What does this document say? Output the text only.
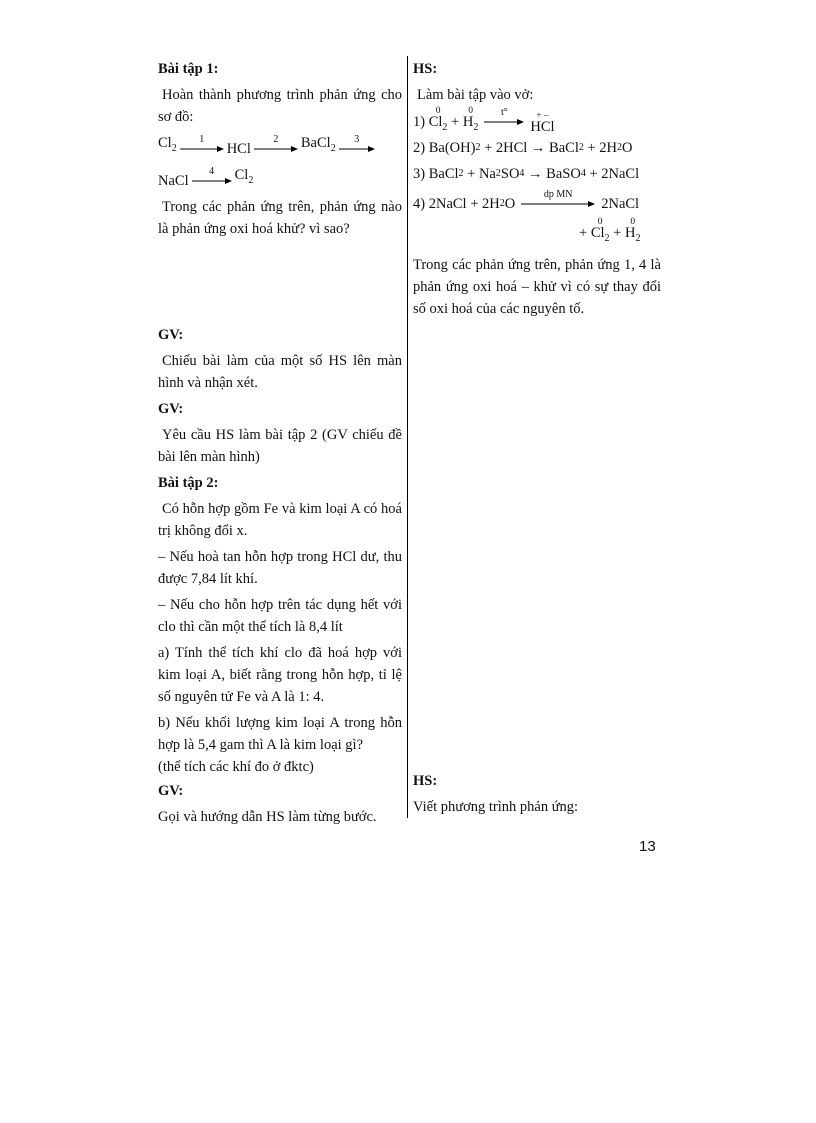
Bài tập 1:

Hoàn thành phương trình phản ứng cho sơ đồ:

$Cl_2$
1
HCl
2	BaCl$_2$
3
NaCl
4	$Cl_2$

Trong các phản ứng trên, phản ứng nào là phản ứng oxi hoá khử? vì sao?

GV:

Chiếu bài làm của một số HS lên màn hình và nhận xét.

GV:

Yêu cầu HS làm bài tập 2 (GV chiếu đề bài lên màn hình)

Bài tập 2:

Có hỗn hợp gồm Fe và kim loại A có hoá trị không đổi x.

– Nếu hoà tan hỗn hợp trong HCl dư, thu được 7,84 lít khí.

– Nếu cho hỗn hợp trên tác dụng hết với clo thì cần một thể tích là 8,4 lít

a) Tính thể tích khí clo đã hoá hợp với kim loại A, biết rằng trong hỗn hợp, tỉ lệ số nguyên tử Fe và A là 1: 4.

b) Nếu khối lượng kim loại A trong hỗn hợp là 5,4 gam thì A là kim loại gì?

(thể tích các khí đo ở đktc)

GV:

Gọi và hướng dẫn HS làm từng bước.

HS:

Làm bài tập vào vở:

1)

0
$Cl_2$
+

0
$H_2$
t°	+ –
HCl
2)
Ba(OH) 2
+ 2HCl
→
BaCl 2
+ 2H 2 O
3)
BaCl 2
+ Na 2 SO 4
→
BaSO 4
+ 2NaCl
4)
2NaCl + 2H 2 O
dp MN
2NaCl
+

0
$Cl_2$
+

0
$H_2$

Trong các phản ứng trên, phản ứng 1, 4 là phản ứng oxi hoá – khử vì có sự thay đổi số oxi hoá của các nguyên tố.

HS:

Viết phương trình phản ứng:

13
